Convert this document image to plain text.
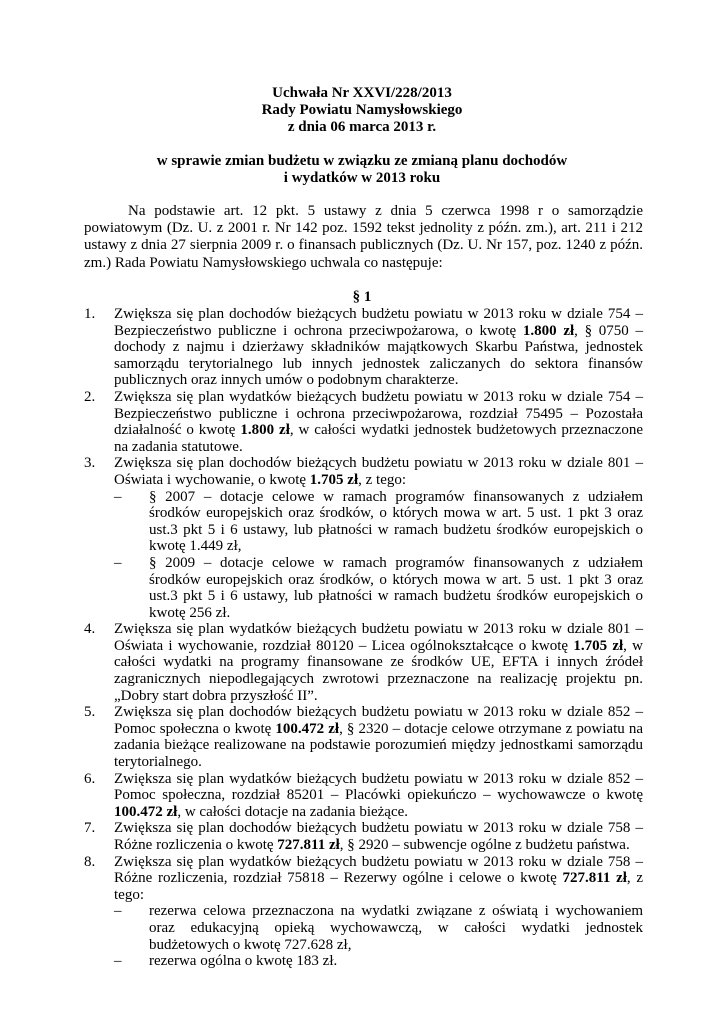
Uchwała Nr XXVI/228/2013
Rady Powiatu Namysłowskiego
z dnia 06 marca 2013 r.
w sprawie zmian budżetu w związku ze zmianą planu dochodów
i wydatków w 2013 roku

Na podstawie art. 12 pkt. 5 ustawy z dnia 5 czerwca 1998 r o samorządzie powiatowym (Dz. U. z 2001 r. Nr 142 poz. 1592 tekst jednolity z późn. zm.), art. 211 i 212 ustawy z dnia 27 sierpnia 2009 r. o finansach publicznych (Dz. U. Nr 157, poz. 1240 z późn. zm.) Rada Powiatu Namysłowskiego uchwala co następuje:

§ 1
1. Zwiększa się plan dochodów bieżących budżetu powiatu w 2013 roku w dziale 754 – Bezpieczeństwo publiczne i ochrona przeciwpożarowa, o kwotę 1.800 zł, § 0750 – dochody z najmu i dzierżawy składników majątkowych Skarbu Państwa, jednostek samorządu terytorialnego lub innych jednostek zaliczanych do sektora finansów publicznych oraz innych umów o podobnym charakterze.
2. Zwiększa się plan wydatków bieżących budżetu powiatu w 2013 roku w dziale 754 – Bezpieczeństwo publiczne i ochrona przeciwpożarowa, rozdział 75495 – Pozostała działalność o kwotę 1.800 zł, w całości wydatki jednostek budżetowych przeznaczone na zadania statutowe.
3. Zwiększa się plan dochodów bieżących budżetu powiatu w 2013 roku w dziale 801 – Oświata i wychowanie, o kwotę 1.705 zł, z tego:
– § 2007 – dotacje celowe w ramach programów finansowanych z udziałem środków europejskich oraz środków, o których mowa w art. 5 ust. 1 pkt 3 oraz ust.3 pkt 5 i 6 ustawy, lub płatności w ramach budżetu środków europejskich o kwotę 1.449 zł,
– § 2009 – dotacje celowe w ramach programów finansowanych z udziałem środków europejskich oraz środków, o których mowa w art. 5 ust. 1 pkt 3 oraz ust.3 pkt 5 i 6 ustawy, lub płatności w ramach budżetu środków europejskich o kwotę 256 zł.
4. Zwiększa się plan wydatków bieżących budżetu powiatu w 2013 roku w dziale 801 – Oświata i wychowanie, rozdział 80120 – Licea ogólnokształcące o kwotę 1.705 zł, w całości wydatki na programy finansowane ze środków UE, EFTA i innych źródeł zagranicznych niepodlegających zwrotowi przeznaczone na realizację projektu pn. „Dobry start dobra przyszłość II”.
5. Zwiększa się plan dochodów bieżących budżetu powiatu w 2013 roku w dziale 852 – Pomoc społeczna o kwotę 100.472 zł, § 2320 – dotacje celowe otrzymane z powiatu na zadania bieżące realizowane na podstawie porozumień między jednostkami samorządu terytorialnego.
6. Zwiększa się plan wydatków bieżących budżetu powiatu w 2013 roku w dziale 852 – Pomoc społeczna, rozdział 85201 – Placówki opiekuńczo – wychowawcze o kwotę 100.472 zł, w całości dotacje na zadania bieżące.
7. Zwiększa się plan dochodów bieżących budżetu powiatu w 2013 roku w dziale 758 – Różne rozliczenia o kwotę 727.811 zł, § 2920 – subwencje ogólne z budżetu państwa.
8. Zwiększa się plan wydatków bieżących budżetu powiatu w 2013 roku w dziale 758 – Różne rozliczenia, rozdział 75818 – Rezerwy ogólne i celowe o kwotę 727.811 zł, z tego:
– rezerwa celowa przeznaczona na wydatki związane z oświatą i wychowaniem oraz edukacyjną opieką wychowawczą, w całości wydatki jednostek budżetowych o kwotę 727.628 zł,
– rezerwa ogólna o kwotę 183 zł.
